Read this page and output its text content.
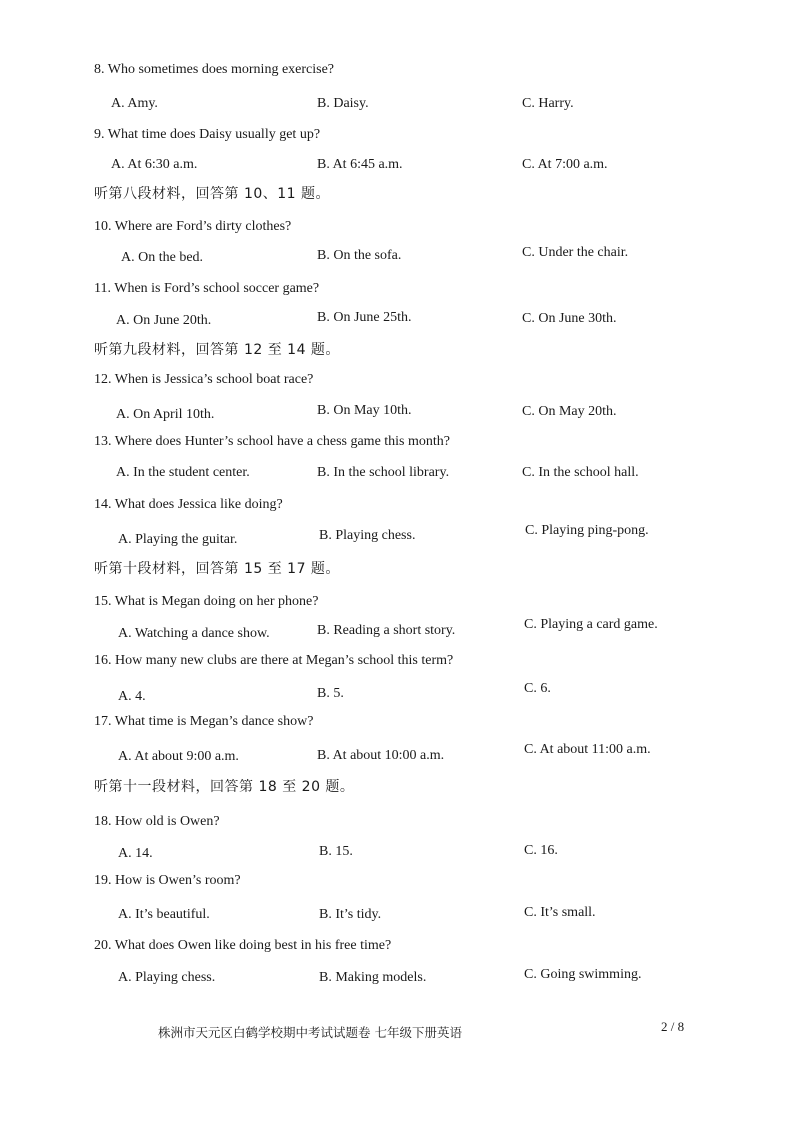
8. Who sometimes does morning exercise?
A. Amy.	B. Daisy.	C. Harry.
9. What time does Daisy usually get up?
A. At 6:30 a.m.	B. At 6:45 a.m.	C. At 7:00 a.m.
听第八段材料，回答第 10、11 题。
10. Where are Ford’s dirty clothes?
A. On the bed.	B. On the sofa.	C. Under the chair.
11. When is Ford’s school soccer game?
A. On June 20th.	B. On June 25th.	C. On June 30th.
听第九段材料，回答第 12 至 14 题。
12. When is Jessica’s school boat race?
A. On April 10th.	B. On May 10th.	C. On May 20th.
13. Where does Hunter’s school have a chess game this month?
A. In the student center.	B. In the school library.	C. In the school hall.
14. What does Jessica like doing?
A. Playing the guitar.	B. Playing chess.	C. Playing ping-pong.
听第十段材料，回答第 15 至 17 题。
15. What is Megan doing on her phone?
A. Watching a dance show.	B. Reading a short story.	C. Playing a card game.
16. How many new clubs are there at Megan’s school this term?
A. 4.	B. 5.	C. 6.
17. What time is Megan’s dance show?
A. At about 9:00 a.m.	B. At about 10:00 a.m.	C. At about 11:00 a.m.
听第十一段材料，回答第 18 至 20 题。
18. How old is Owen?
A. 14.	B. 15.	C. 16.
19. How is Owen’s room?
A. It’s beautiful.	B. It’s tidy.	C. It’s small.
20. What does Owen like doing best in his free time?
A. Playing chess.	B. Making models.	C. Going swimming.
株洲市天元区白鹤学校期中考试试题卷 七年级下册英语	2 / 8
